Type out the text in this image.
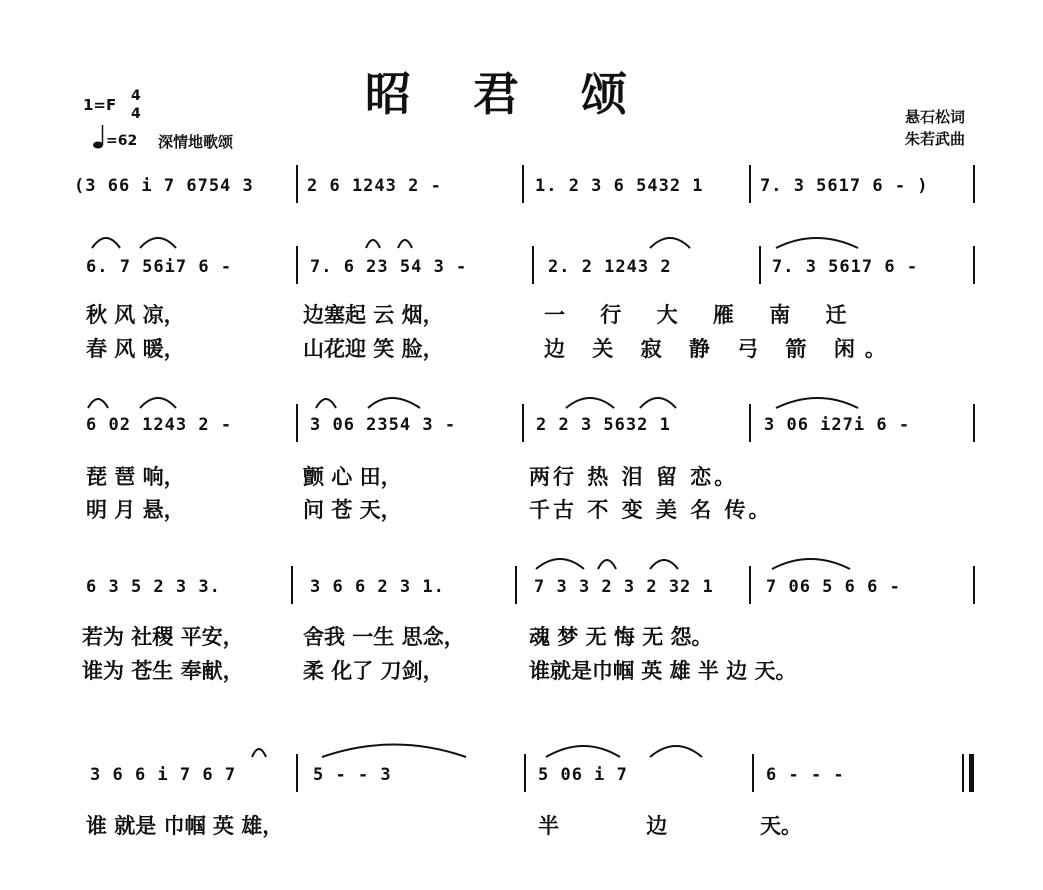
昭君颂
1=F 4
4
=62 深情地歌颂
悬石松词
朱若武曲
(3 66 i 7 6754 3	2 6 1243 2 -	1. 2 3 6 5432 1	7. 3 5617 6 - )
6. 7 56i7 6 -	7. 6 23 54 3 -	2. 2 1243 2	7. 3 5617 6 -
秋 风 凉，	边塞起 云 烟，	一 行 大 雁 南 迁
春 风 暖，	山花迎 笑 脸，	边 关 寂 静 弓 箭 闲。
6 02 1243 2 -	3 06 2354 3 -	2 2 3 5632 1	3 06 i27i 6 -
琵 琶 响，	颤 心 田，	两行 热 泪 留 恋。
明 月 悬，	问 苍 天，	千古 不 变 美 名 传。
6 3 5 2 3 3.	3 6 6 2 3 1.	7 3 3 2 3 2 32 1	7 06 5 6 6 -
若为 社稷 平安，	舍我 一生 思念，	魂 梦 无 悔 无 怨。
谁为 苍生 奉献，	柔 化了 刀剑，	谁就是巾帼 英 雄 半 边 天。
3 6 6 i 7 6 7	5 - - 3	5 06 i 7	6 - - -
谁 就是 巾帼 英 雄，	半 边	天。
